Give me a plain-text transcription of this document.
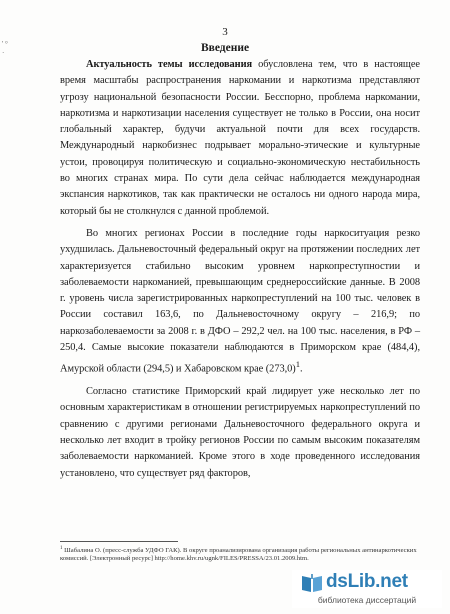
3
Введение
' ° ·

Актуальность темы исследования обусловлена тем, что в настоящее время масштабы распространения наркомании и наркотизма представляют угрозу национальной безопасности России. Бесспорно, проблема наркомании, наркотизма и наркотизации населения существует не только в России, она носит глобальный характер, будучи актуальной почти для всех государств. Международный наркобизнес подрывает морально-этические и культурные устои, провоцируя политическую и социально-экономическую нестабильность во многих странах мира. По сути дела сейчас наблюдается международная экспансия наркотиков, так как практически не осталось ни одного народа мира, который бы не столкнулся с данной проблемой.

Во многих регионах России в последние годы наркоситуация резко ухудшилась. Дальневосточный федеральный округ на протяжении последних лет характеризуется стабильно высоким уровнем наркопреступностии и заболеваемости наркоманией, превышающим среднероссийские данные. В 2008 г. уровень числа зарегистрированных наркопреступлений на 100 тыс. человек в России составил 163,6, по Дальневосточному округу – 216,9; по наркозаболеваемости за 2008 г. в ДФО – 292,2 чел. на 100 тыс. населения, в РФ – 250,4. Самые высокие показатели наблюдаются в Приморском крае (484,4), Амурской области (294,5) и Хабаровском крае $(273,0)^1$.

Согласно статистике Приморский край лидирует уже несколько лет по основным характеристикам в отношении регистрируемых наркопреступлений по сравнению с другими регионами Дальневосточного федерального округа и несколько лет входит в тройку регионов России по самым высоким показателям заболеваемости наркоманией. Кроме этого в ходе проведенного исследования установлено, что существует ряд факторов,

$^1$ Шабалина О. (пресс-служба УДФО ГАК). В округе проанализирована организация работы региональных антинаркотических комиссий. [Электронный ресурс] http://home.khv.ru/ugnk/FILES/PRESSA/23.01.2009.htm.
dsLib.net
библиотека диссертаций
